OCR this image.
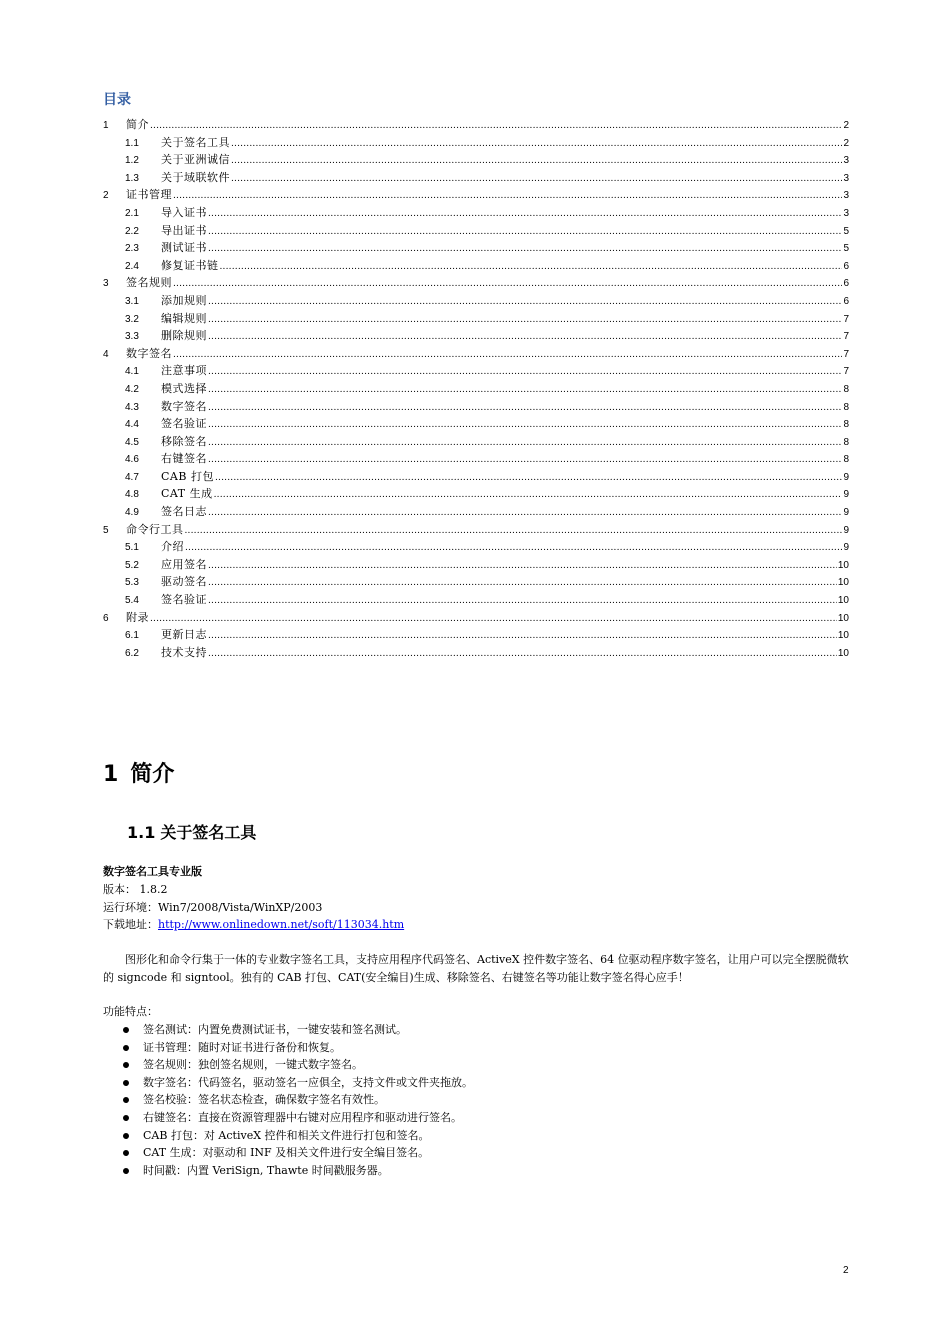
目录
1	简介 .....	2
1.1	关于签名工具 .....	2
1.2	关于亚洲诚信 .....	3
1.3	关于域联软件 .....	3
2	证书管理 .....	3
2.1	导入证书 .....	3
2.2	导出证书 .....	5
2.3	测试证书 .....	5
2.4	修复证书链 .....	6
3	签名规则 .....	6
3.1	添加规则 .....	6
3.2	编辑规则 .....	7
3.3	删除规则 .....	7
4	数字签名 .....	7
4.1	注意事项 .....	7
4.2	模式选择 .....	8
4.3	数字签名 .....	8
4.4	签名验证 .....	8
4.5	移除签名 .....	8
4.6	右键签名 .....	8
4.7	CAB 打包 .....	9
4.8	CAT 生成 .....	9
4.9	签名日志 .....	9
5	命令行工具 .....	9
5.1	介绍 .....	9
5.2	应用签名 .....	10
5.3	驱动签名 .....	10
5.4	签名验证 .....	10
6	附录 .....	10
6.1	更新日志 .....	10
6.2	技术支持 .....	10
1 简介
1.1 关于签名工具
数字签名工具专业版
版本： 1.8.2
运行环境：Win7/2008/Vista/WinXP/2003
下载地址：http://www.onlinedown.net/soft/113034.htm
图形化和命令行集于一体的专业数字签名工具，支持应用程序代码签名、ActiveX 控件数字签名、64 位驱动程序数字签名，让用户可以完全摆脱微软的 signcode 和 signtool。独有的 CAB 打包、CAT(安全编目)生成、移除签名、右键签名等功能让数字签名得心应手！
功能特点：
签名测试：内置免费测试证书，一键安装和签名测试。
证书管理：随时对证书进行备份和恢复。
签名规则：独创签名规则，一键式数字签名。
数字签名：代码签名，驱动签名一应俱全，支持文件或文件夹拖放。
签名校验：签名状态检查，确保数字签名有效性。
右键签名：直接在资源管理器中右键对应用程序和驱动进行签名。
CAB 打包：对 ActiveX 控件和相关文件进行打包和签名。
CAT 生成：对驱动和 INF 及相关文件进行安全编目签名。
时间戳：内置 VeriSign, Thawte 时间戳服务器。
2
